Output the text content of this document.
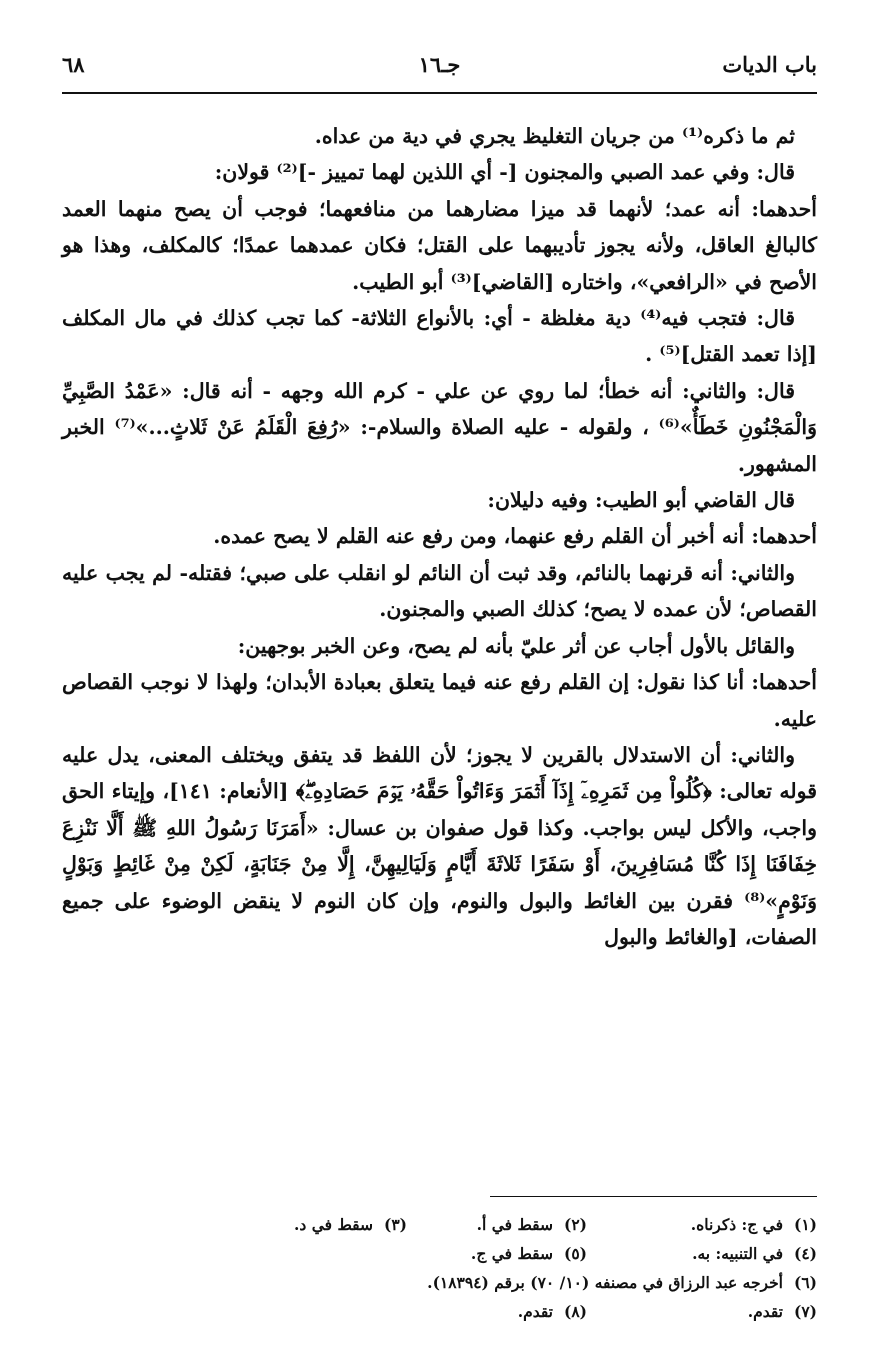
باب الديات
جـ١٦
٦٨

ثم ما ذكره⁽¹⁾ من جريان التغليظ يجري في دية من عداه.

قال: وفي عمد الصبي والمجنون [- أي اللذين لهما تمييز -]⁽²⁾ قولان:

أحدهما: أنه عمد؛ لأنهما قد ميزا مضارهما من منافعهما؛ فوجب أن يصح منهما العمد كالبالغ العاقل، ولأنه يجوز تأديبهما على القتل؛ فكان عمدهما عمدًا؛ كالمكلف، وهذا هو الأصح في «الرافعي»، واختاره [القاضي]⁽³⁾ أبو الطيب.

قال: فتجب فيه⁽⁴⁾ دية مغلظة - أي: بالأنواع الثلاثة- كما تجب كذلك في مال المكلف [إذا تعمد القتل]⁽⁵⁾ .

قال: والثاني: أنه خطأ؛ لما روي عن علي - كرم الله وجهه - أنه قال: «عَمْدُ الصَّبِيِّ وَالْمَجْنُونِ خَطَأٌ»⁽⁶⁾ ، ولقوله - عليه الصلاة والسلام-: «رُفِعَ الْقَلَمُ عَنْ ثَلاثٍ...»⁽⁷⁾ الخبر المشهور.

قال القاضي أبو الطيب: وفيه دليلان:

أحدهما: أنه أخبر أن القلم رفع عنهما، ومن رفع عنه القلم لا يصح عمده.

والثاني: أنه قرنهما بالنائم، وقد ثبت أن النائم لو انقلب على صبي؛ فقتله- لم يجب عليه القصاص؛ لأن عمده لا يصح؛ كذلك الصبي والمجنون.

والقائل بالأول أجاب عن أثر عليّ بأنه لم يصح، وعن الخبر بوجهين:

أحدهما: أنا كذا نقول: إن القلم رفع عنه فيما يتعلق بعبادة الأبدان؛ ولهذا لا نوجب القصاص عليه.

والثاني: أن الاستدلال بالقرين لا يجوز؛ لأن اللفظ قد يتفق ويختلف المعنى، يدل عليه قوله تعالى: ﴿كُلُواْ مِن ثَمَرِهِۦٓ إِذَآ أَثۡمَرَ وَءَاتُواْ حَقَّهُۥ يَوۡمَ حَصَادِهِۦۖ﴾ [الأنعام: ١٤١]، وإيتاء الحق واجب، والأكل ليس بواجب. وكذا قول صفوان بن عسال: «أَمَرَنَا رَسُولُ اللهِ ﷺ أَلَّا نَنْزِعَ خِفَافَنَا إِذَا كُنَّا مُسَافِرِينَ، أَوْ سَفَرًا ثَلاثَةَ أَيَّامٍ وَلَيَالِيهِنَّ، إِلَّا مِنْ جَنَابَةٍ، لَكِنْ مِنْ غَائِطٍ وَبَوْلٍ وَنَوْمٍ»⁽⁸⁾ فقرن بين الغائط والبول والنوم، وإن كان النوم لا ينقض الوضوء على جميع الصفات، [والغائط والبول

(١)في ج: ذكرناه.
(٢)سقط في أ.
(٣)سقط في د.
(٤)في التنبيه: به.
(٥)سقط في ج.
(٦)أخرجه عبد الرزاق في مصنفه (١٠/ ٧٠) برقم (١٨٣٩٤).
(٧)تقدم.
(٨)تقدم.
